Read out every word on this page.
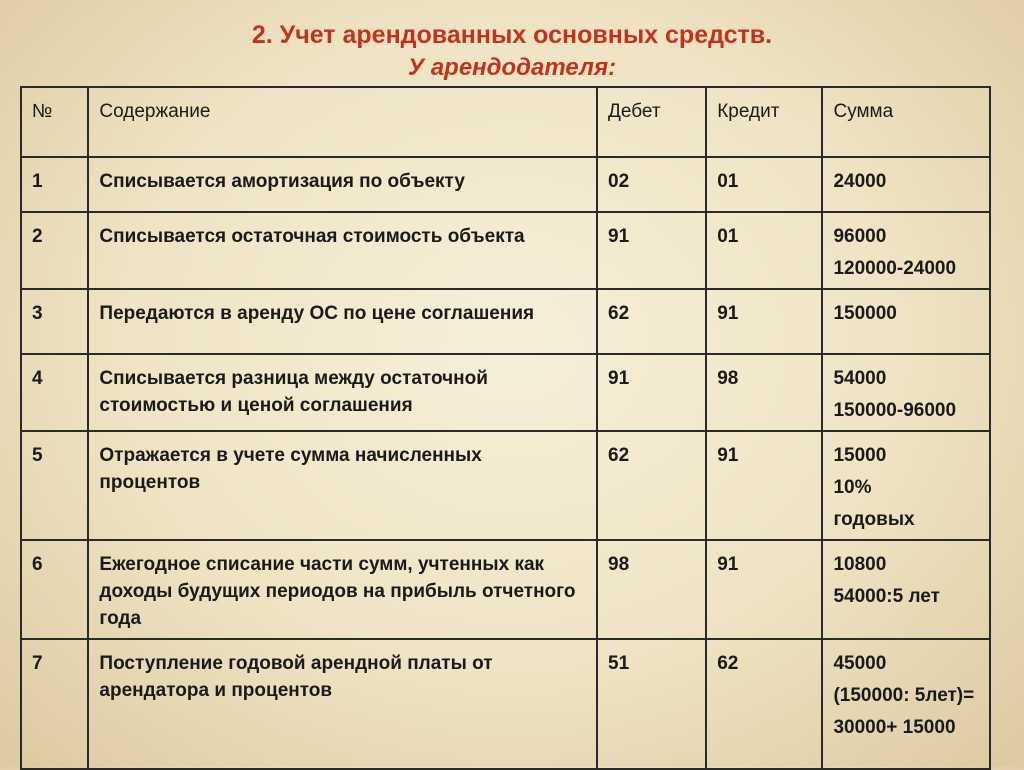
2. Учет арендованных основных средств.
У арендодателя:
№	Содержание	Дебет	Кредит	Сумма
1	Списывается амортизация по объекту	02	01	24000

2	Списывается остаточная стоимость объекта	91	01	96000
120000-24000

3	Передаются в аренду ОС по цене соглашения	62	91	150000

4	Списывается разница между остаточной стоимостью и ценой соглашения	91	98	54000
150000-96000

5	Отражается в учете сумма начисленных процентов	62	91	15000
10%
годовых

6	Ежегодное списание части сумм, учтенных как доходы будущих периодов на прибыль отчетного года	98	91	10800
54000:5 лет

7	Поступление годовой арендной платы от арендатора и процентов	51	62	45000
(150000: 5лет)=
30000+ 15000
